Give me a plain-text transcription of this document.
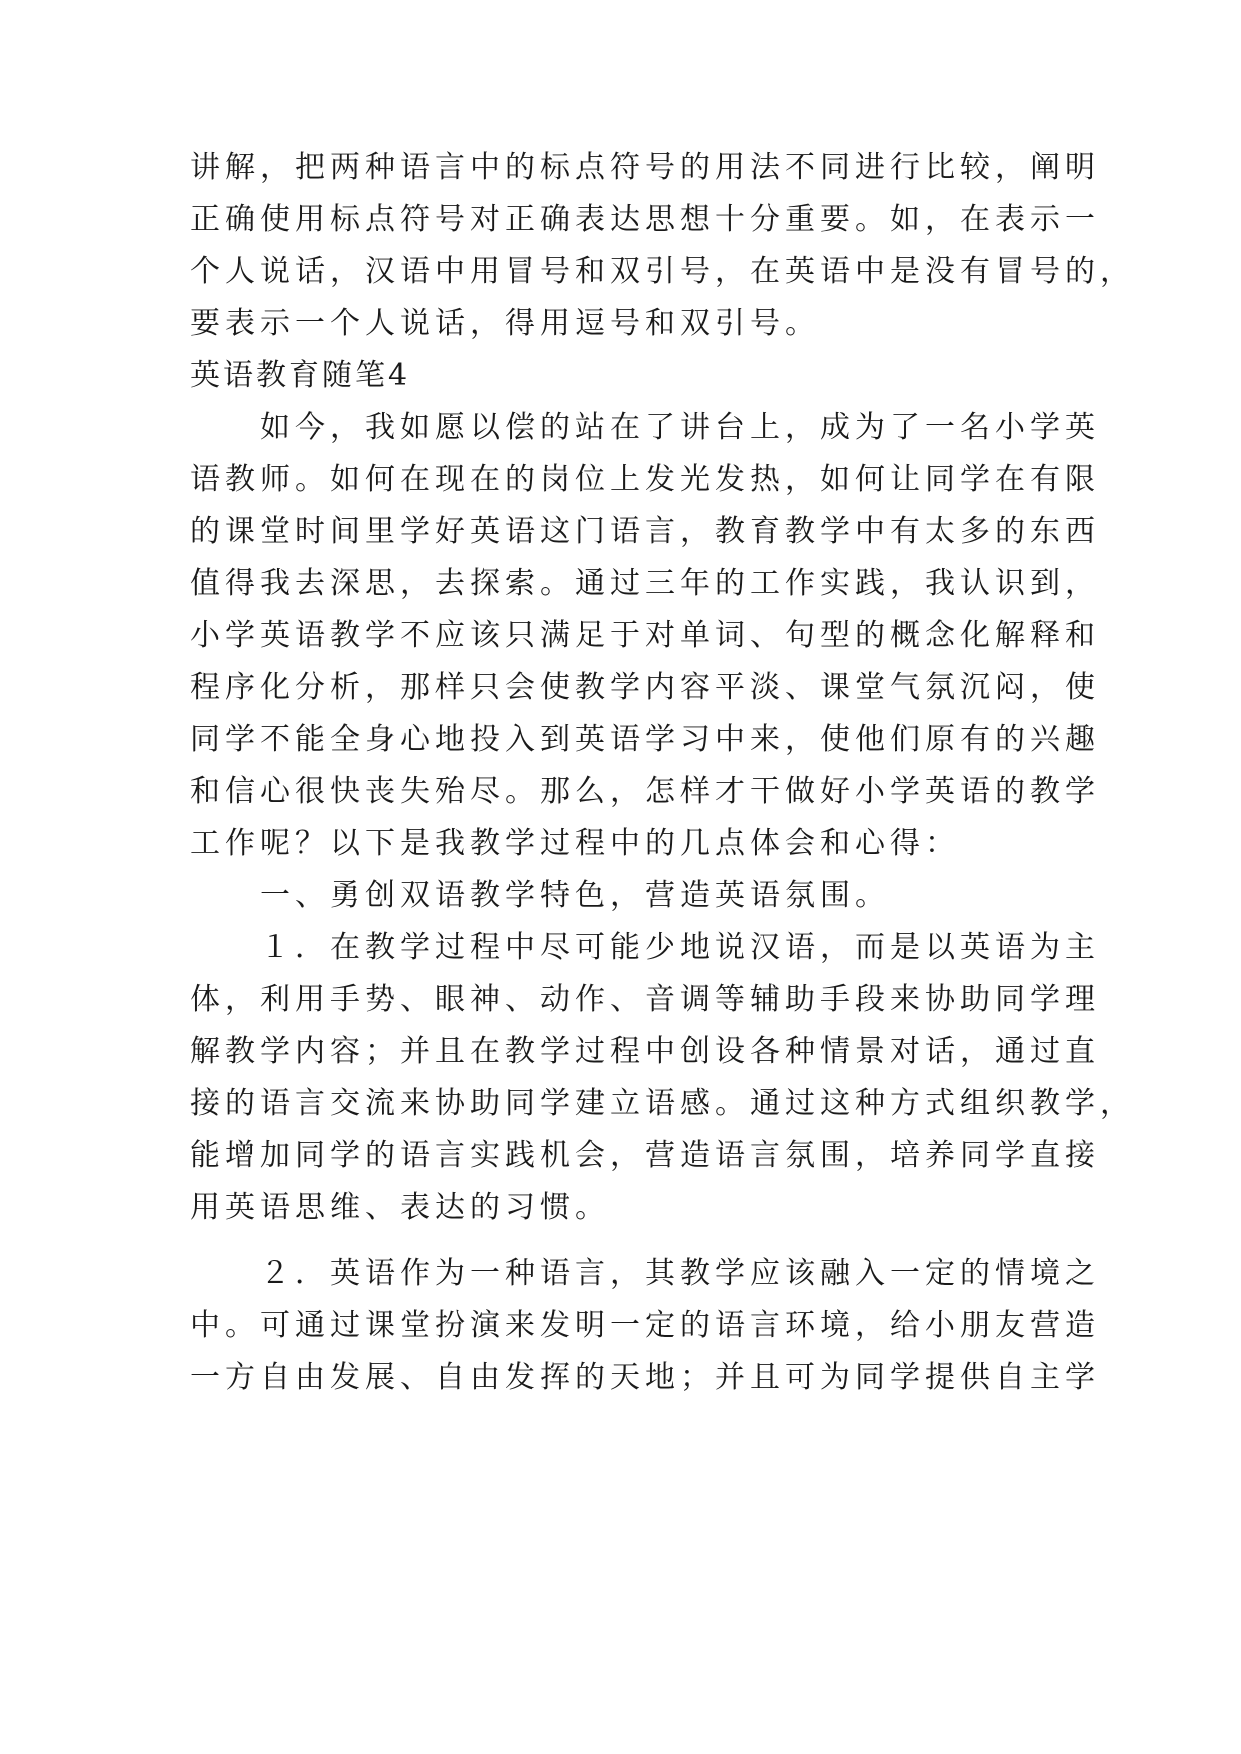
讲解，把两种语言中的标点符号的用法不同进行比较，阐明
正确使用标点符号对正确表达思想十分重要。如，在表示一
个人说话，汉语中用冒号和双引号，在英语中是没有冒号的，
要表示一个人说话，得用逗号和双引号。
英语教育随笔4
　　如今，我如愿以偿的站在了讲台上，成为了一名小学英
语教师。如何在现在的岗位上发光发热，如何让同学在有限
的课堂时间里学好英语这门语言，教育教学中有太多的东西
值得我去深思，去探索。通过三年的工作实践，我认识到，
小学英语教学不应该只满足于对单词、句型的概念化解释和
程序化分析，那样只会使教学内容平淡、课堂气氛沉闷，使
同学不能全身心地投入到英语学习中来，使他们原有的兴趣
和信心很快丧失殆尽。那么，怎样才干做好小学英语的教学
工作呢？以下是我教学过程中的几点体会和心得：
　　一、勇创双语教学特色，营造英语氛围。
　　１．在教学过程中尽可能少地说汉语，而是以英语为主
体，利用手势、眼神、动作、音调等辅助手段来协助同学理
解教学内容；并且在教学过程中创设各种情景对话，通过直
接的语言交流来协助同学建立语感。通过这种方式组织教学，
能增加同学的语言实践机会，营造语言氛围，培养同学直接
用英语思维、表达的习惯。
　　２．英语作为一种语言，其教学应该融入一定的情境之
中。可通过课堂扮演来发明一定的语言环境，给小朋友营造
一方自由发展、自由发挥的天地；并且可为同学提供自主学
